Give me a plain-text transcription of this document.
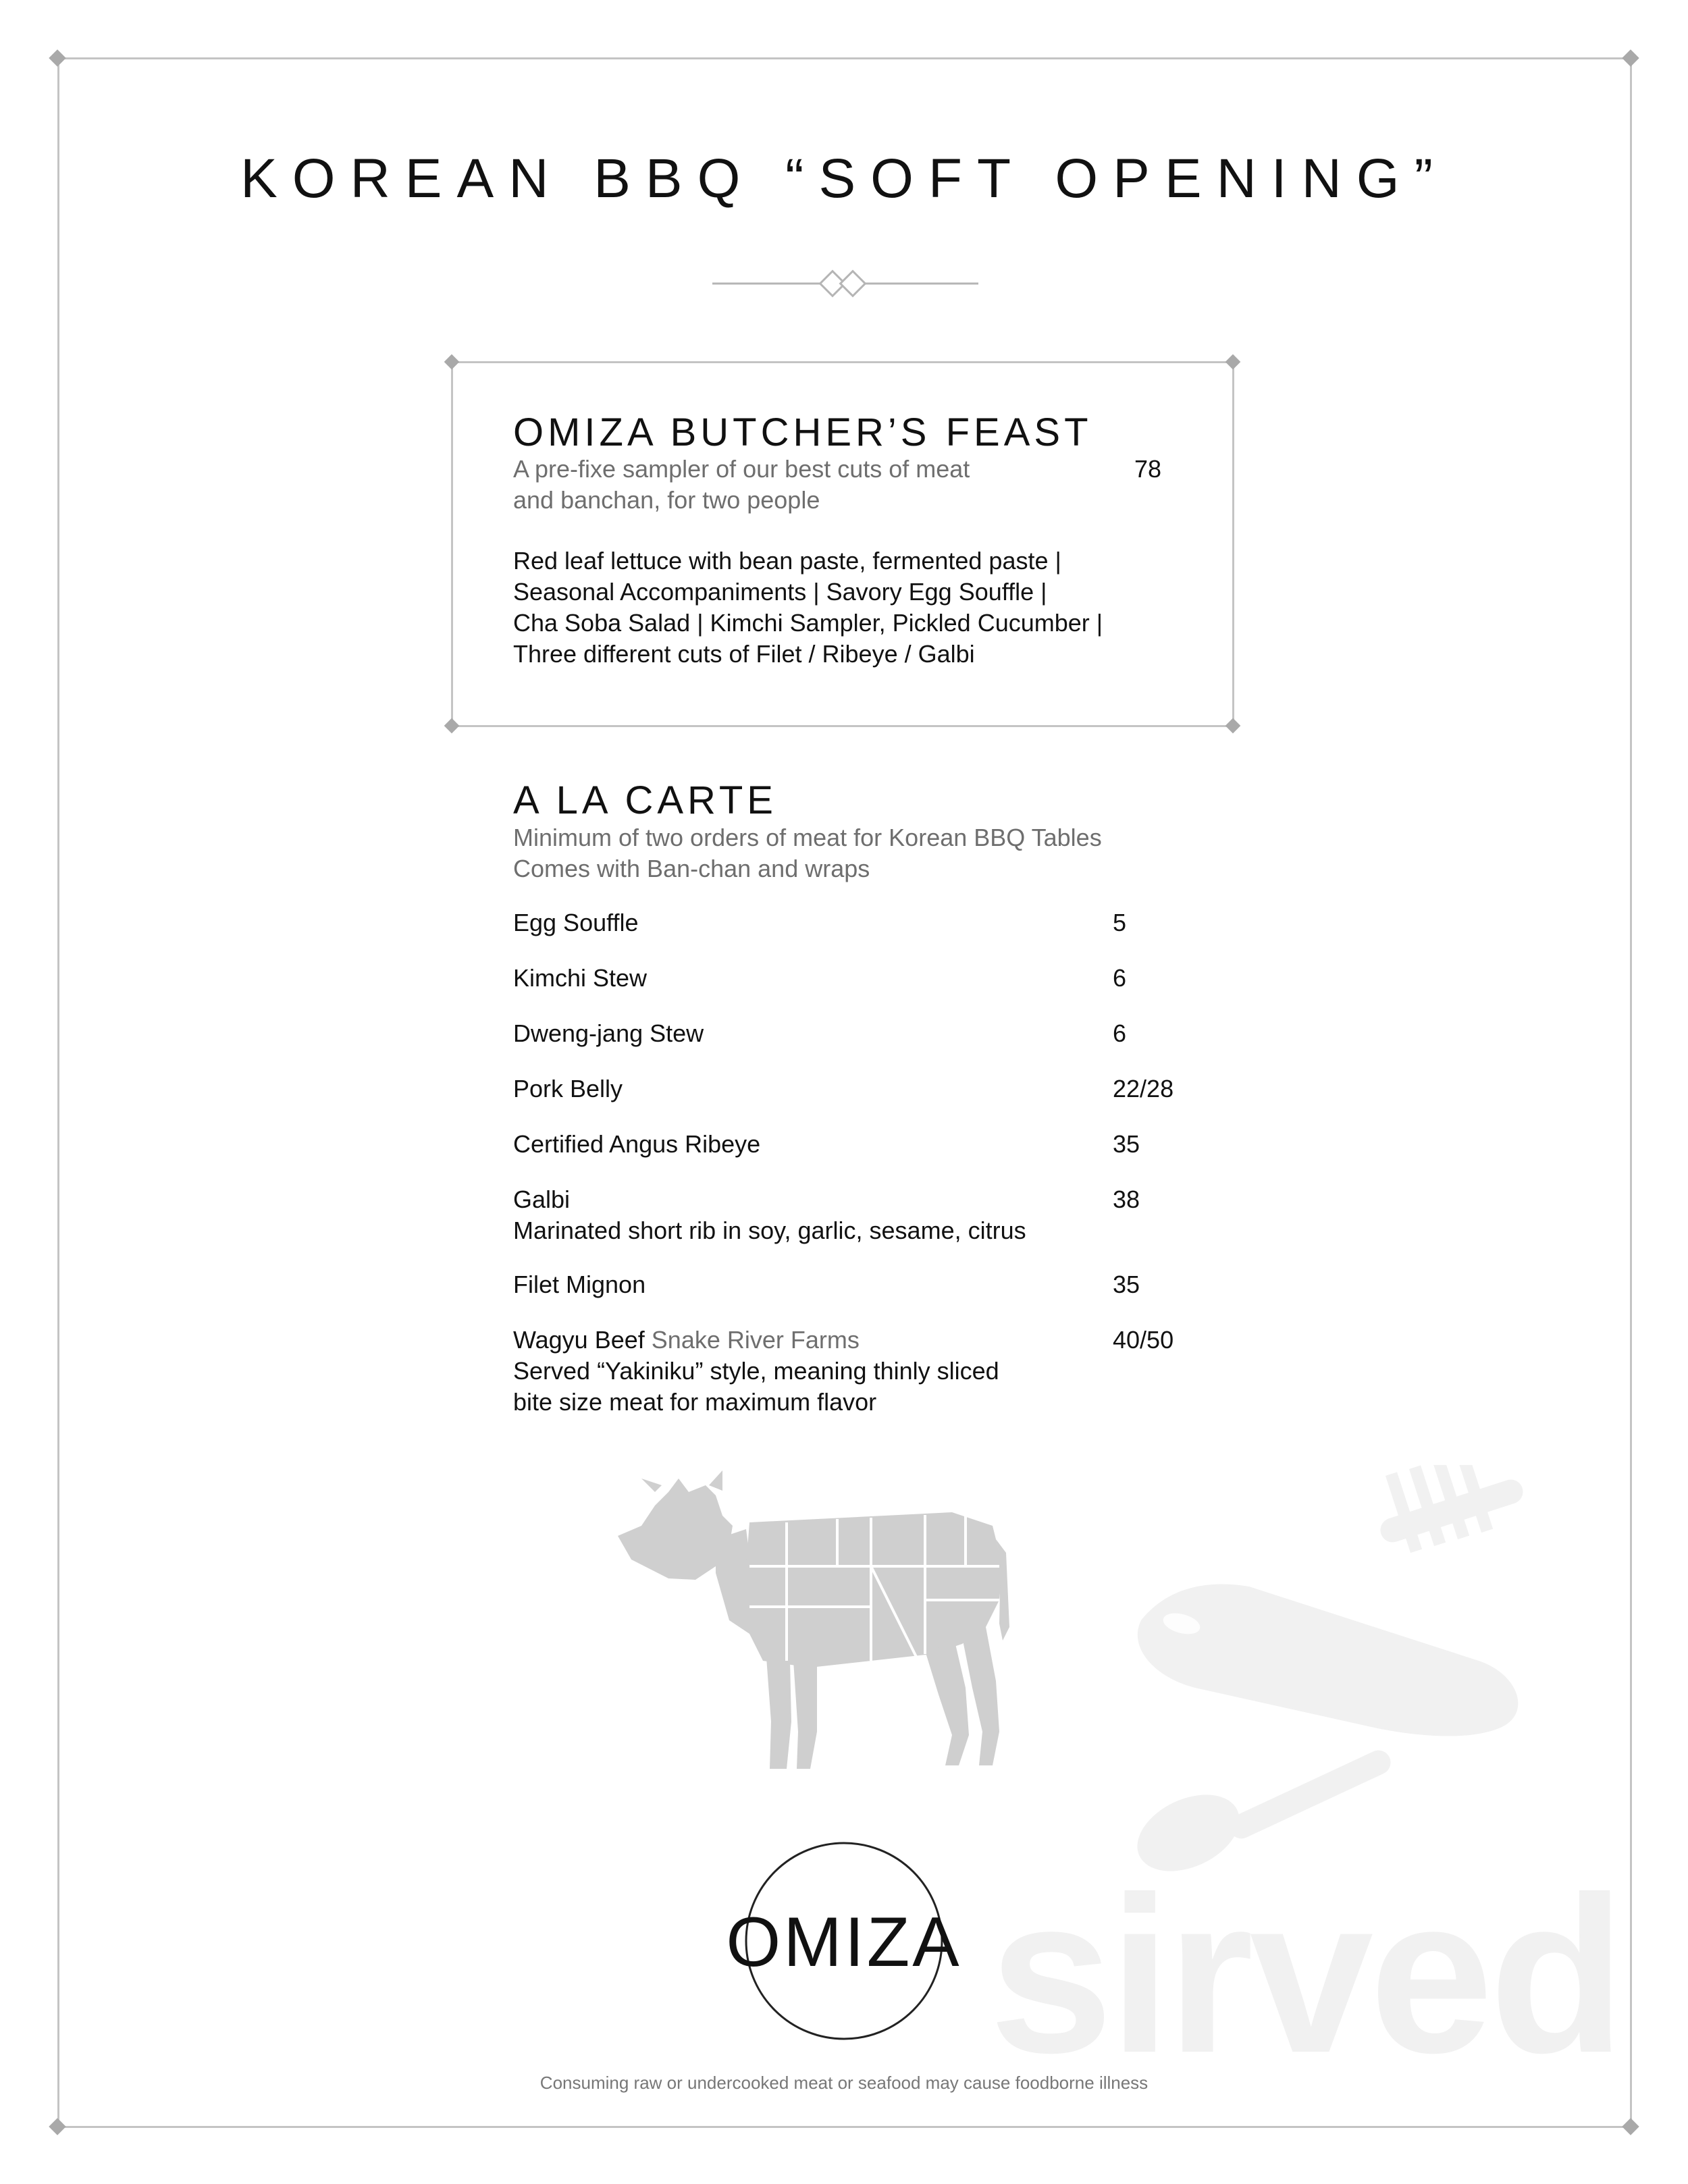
sirved
KOREAN BBQ “SOFT OPENING”
OMIZA BUTCHER’S FEAST
A pre-fixe sampler of our best cuts of meat
and banchan, for two people
78
Red leaf lettuce with bean paste, fermented paste |
Seasonal Accompaniments | Savory Egg Souffle |
Cha Soba Salad | Kimchi Sampler, Pickled Cucumber |
Three different cuts of Filet / Ribeye / Galbi
A LA CARTE
Minimum of two orders of meat for Korean BBQ Tables
Comes with Ban-chan and wraps
Egg Souffle	5
Kimchi Stew	6
Dweng-jang Stew	6
Pork Belly	22/28
Certified Angus Ribeye	35
Galbi	38
Marinated short rib in soy, garlic, sesame, citrus
Filet Mignon	35
Wagyu Beef Snake River Farms	40/50
Served “Yakiniku” style, meaning thinly sliced
bite size meat for maximum flavor
OMIZA
Consuming raw or undercooked meat or seafood may cause foodborne illness
